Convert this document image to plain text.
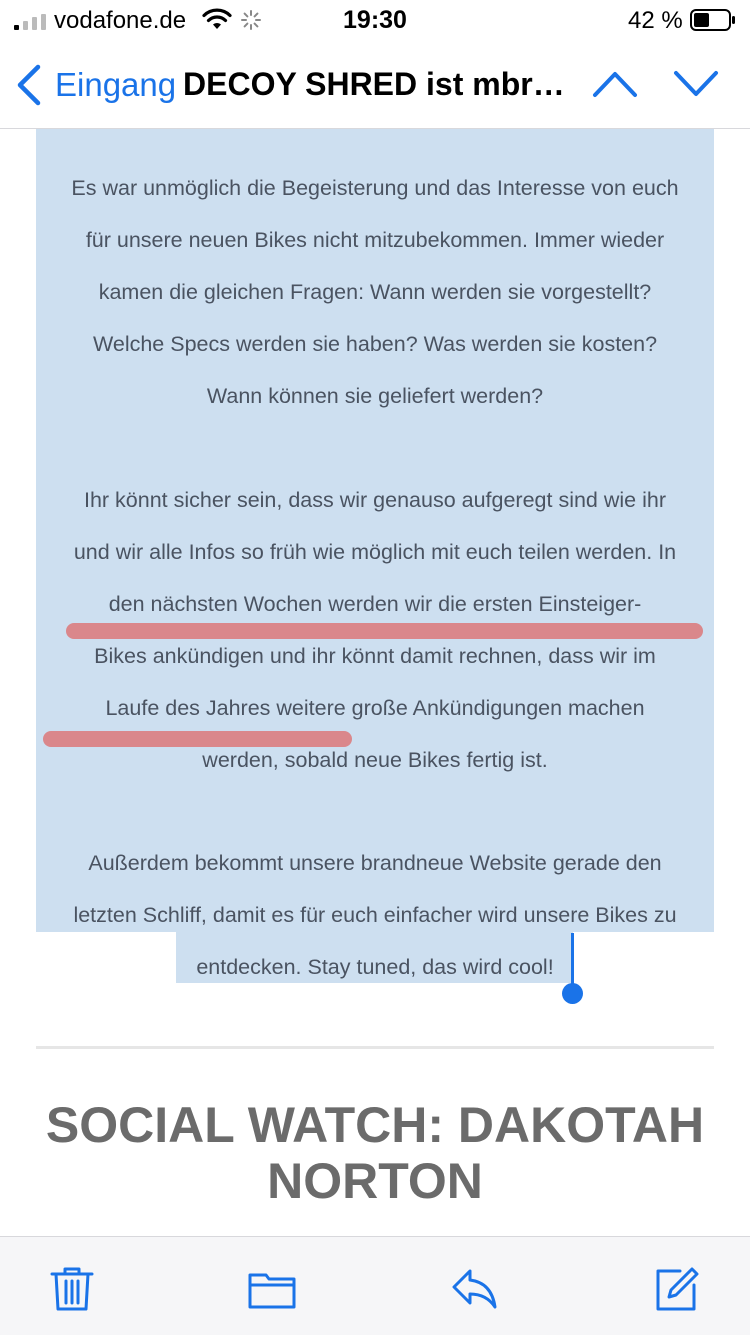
vodafone.de	19:30	42 %
Eingang DECOY SHRED ist mbr…
Es war unmöglich die Begeisterung und das Interesse von euch
für unsere neuen Bikes nicht mitzubekommen. Immer wieder
kamen die gleichen Fragen: Wann werden sie vorgestellt?
Welche Specs werden sie haben? Was werden sie kosten?
Wann können sie geliefert werden?
Ihr könnt sicher sein, dass wir genauso aufgeregt sind wie ihr
und wir alle Infos so früh wie möglich mit euch teilen werden. In
den nächsten Wochen werden wir die ersten Einsteiger-
Bikes ankündigen und ihr könnt damit rechnen, dass wir im
Laufe des Jahres weitere große Ankündigungen machen
werden, sobald neue Bikes fertig ist.
Außerdem bekommt unsere brandneue Website gerade den
letzten Schliff, damit es für euch einfacher wird unsere Bikes zu
entdecken. Stay tuned, das wird cool!
SOCIAL WATCH: DAKOTAH NORTON
